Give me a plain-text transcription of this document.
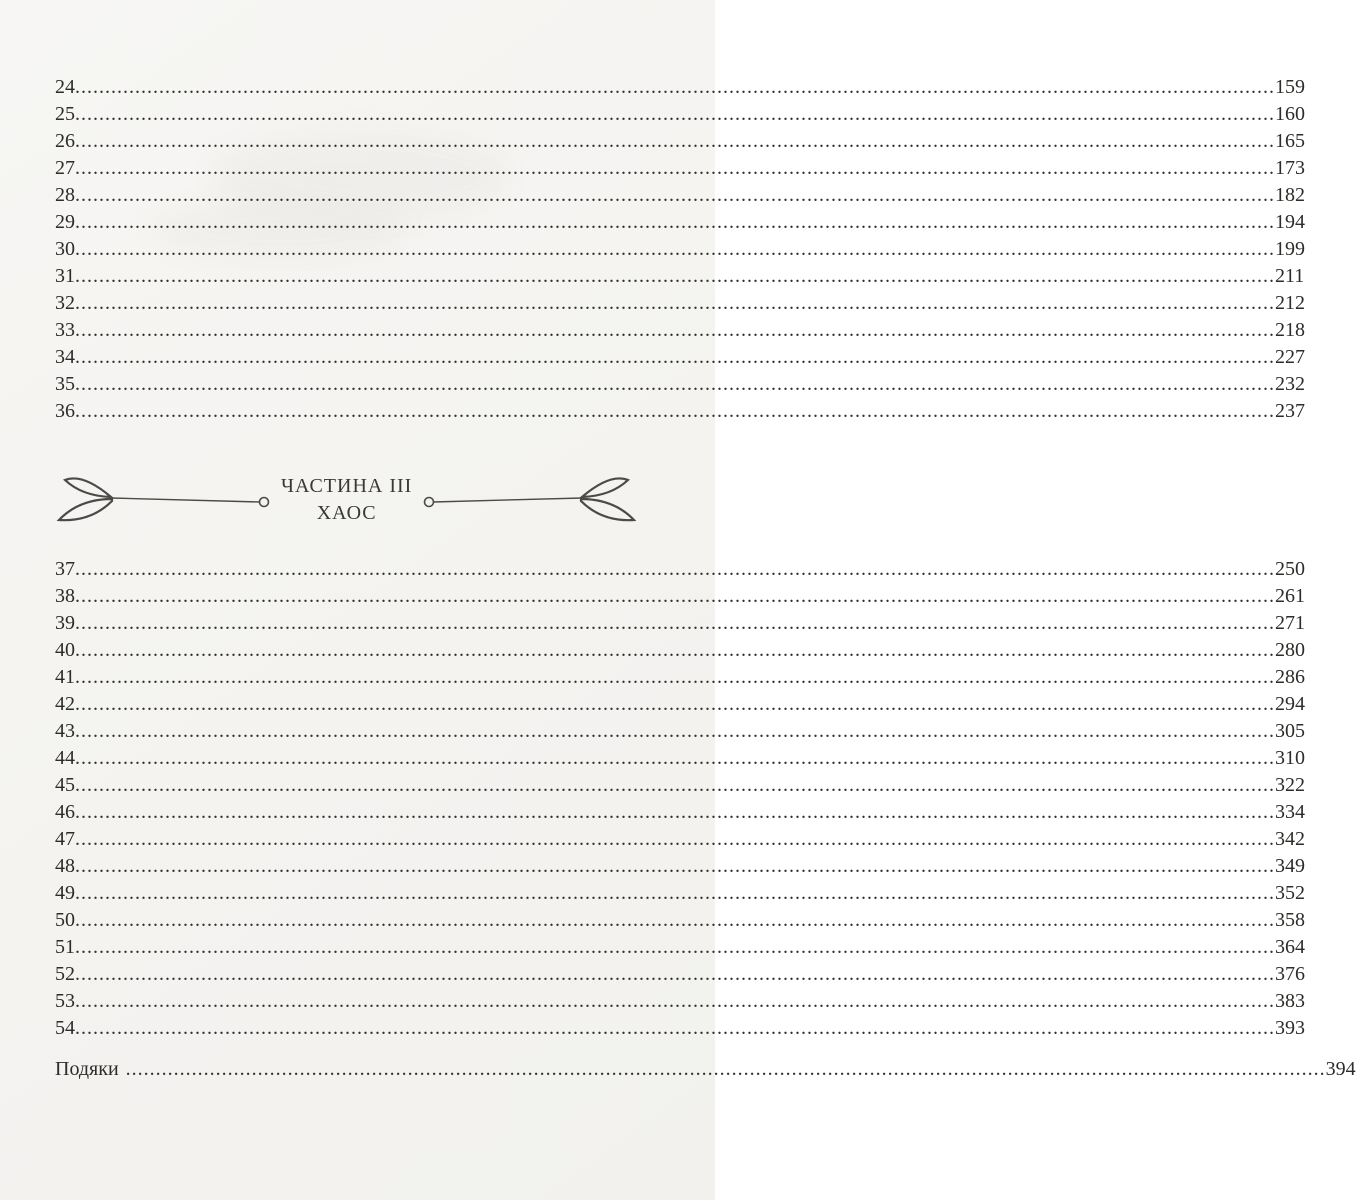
24 ........................................................................................................................................................................................................ 159
25 ........................................................................................................................................................................................................ 160
26 ........................................................................................................................................................................................................ 165
27 ........................................................................................................................................................................................................ 173
28 ........................................................................................................................................................................................................ 182
29 ........................................................................................................................................................................................................ 194
30 ........................................................................................................................................................................................................ 199
31 ........................................................................................................................................................................................................ 211
32 ........................................................................................................................................................................................................ 212
33 ........................................................................................................................................................................................................ 218
34 ........................................................................................................................................................................................................ 227
35 ........................................................................................................................................................................................................ 232
36 ........................................................................................................................................................................................................ 237
ЧАСТИНА III
ХАОС
37 ........................................................................................................................................................................................................ 250
38 ........................................................................................................................................................................................................ 261
39 ........................................................................................................................................................................................................ 271
40 ........................................................................................................................................................................................................ 280
41 ........................................................................................................................................................................................................ 286
42 ........................................................................................................................................................................................................ 294
43 ........................................................................................................................................................................................................ 305
44 ........................................................................................................................................................................................................ 310
45 ........................................................................................................................................................................................................ 322
46 ........................................................................................................................................................................................................ 334
47 ........................................................................................................................................................................................................ 342
48 ........................................................................................................................................................................................................ 349
49 ........................................................................................................................................................................................................ 352
50 ........................................................................................................................................................................................................ 358
51 ........................................................................................................................................................................................................ 364
52 ........................................................................................................................................................................................................ 376
53 ........................................................................................................................................................................................................ 383
54 ........................................................................................................................................................................................................ 393
Подяки ........................................................................................................................................................................................................ 394
